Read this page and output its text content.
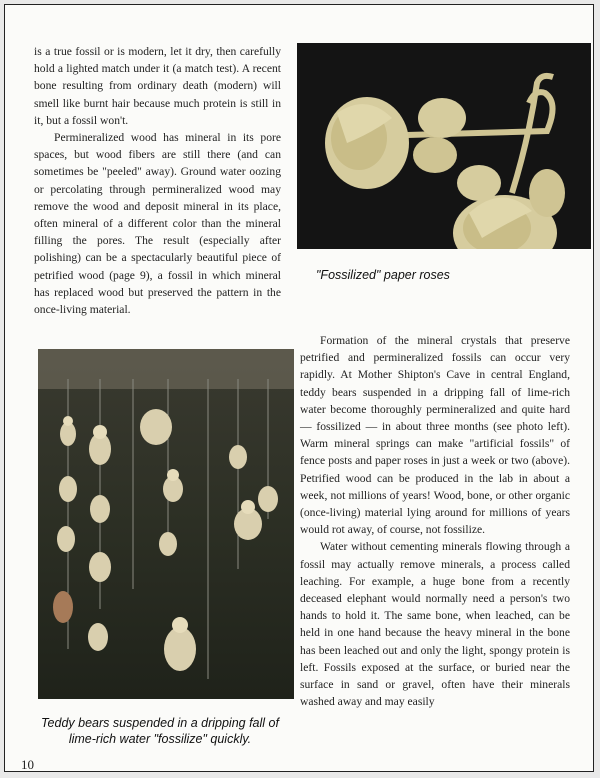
is a true fossil or is modern, let it dry, then carefully hold a lighted match under it (a match test). A recent bone resulting from ordinary death (modern) will smell like burnt hair because much protein is still in it, but a fossil won't.

Permineralized wood has mineral in its pore spaces, but wood fibers are still there (and can sometimes be "peeled" away). Ground water oozing or percolating through permineralized wood may remove the wood and deposit mineral in its place, often mineral of a different color than the mineral filling the pores. The result (especially after polishing) can be a spectacularly beautiful piece of petrified wood (page 9), a fossil in which mineral has replaced wood but preserved the pattern in the once-living material.

"Fossilized" paper roses
Teddy bears suspended in a dripping fall of lime-rich water "fossilize" quickly.

Formation of the mineral crystals that preserve petrified and permineralized fossils can occur very rapidly. At Mother Shipton's Cave in central England, teddy bears suspended in a dripping fall of lime-rich water become thoroughly permineralized and quite hard — fossilized — in about three months (see photo left). Warm mineral springs can make "artificial fossils" of fence posts and paper roses in just a week or two (above). Petrified wood can be produced in the lab in about a week, not millions of years! Wood, bone, or other organic (once-living) material lying around for millions of years would rot away, of course, not fossilize.

Water without cementing minerals flowing through a fossil may actually remove minerals, a process called leaching. For example, a huge bone from a recently deceased elephant would normally need a person's two hands to hold it. The same bone, when leached, can be held in one hand because the heavy mineral in the bone has been leached out and only the light, spongy protein is left. Fossils exposed at the surface, or buried near the surface in sand or gravel, often have their minerals washed away and may easily

10
